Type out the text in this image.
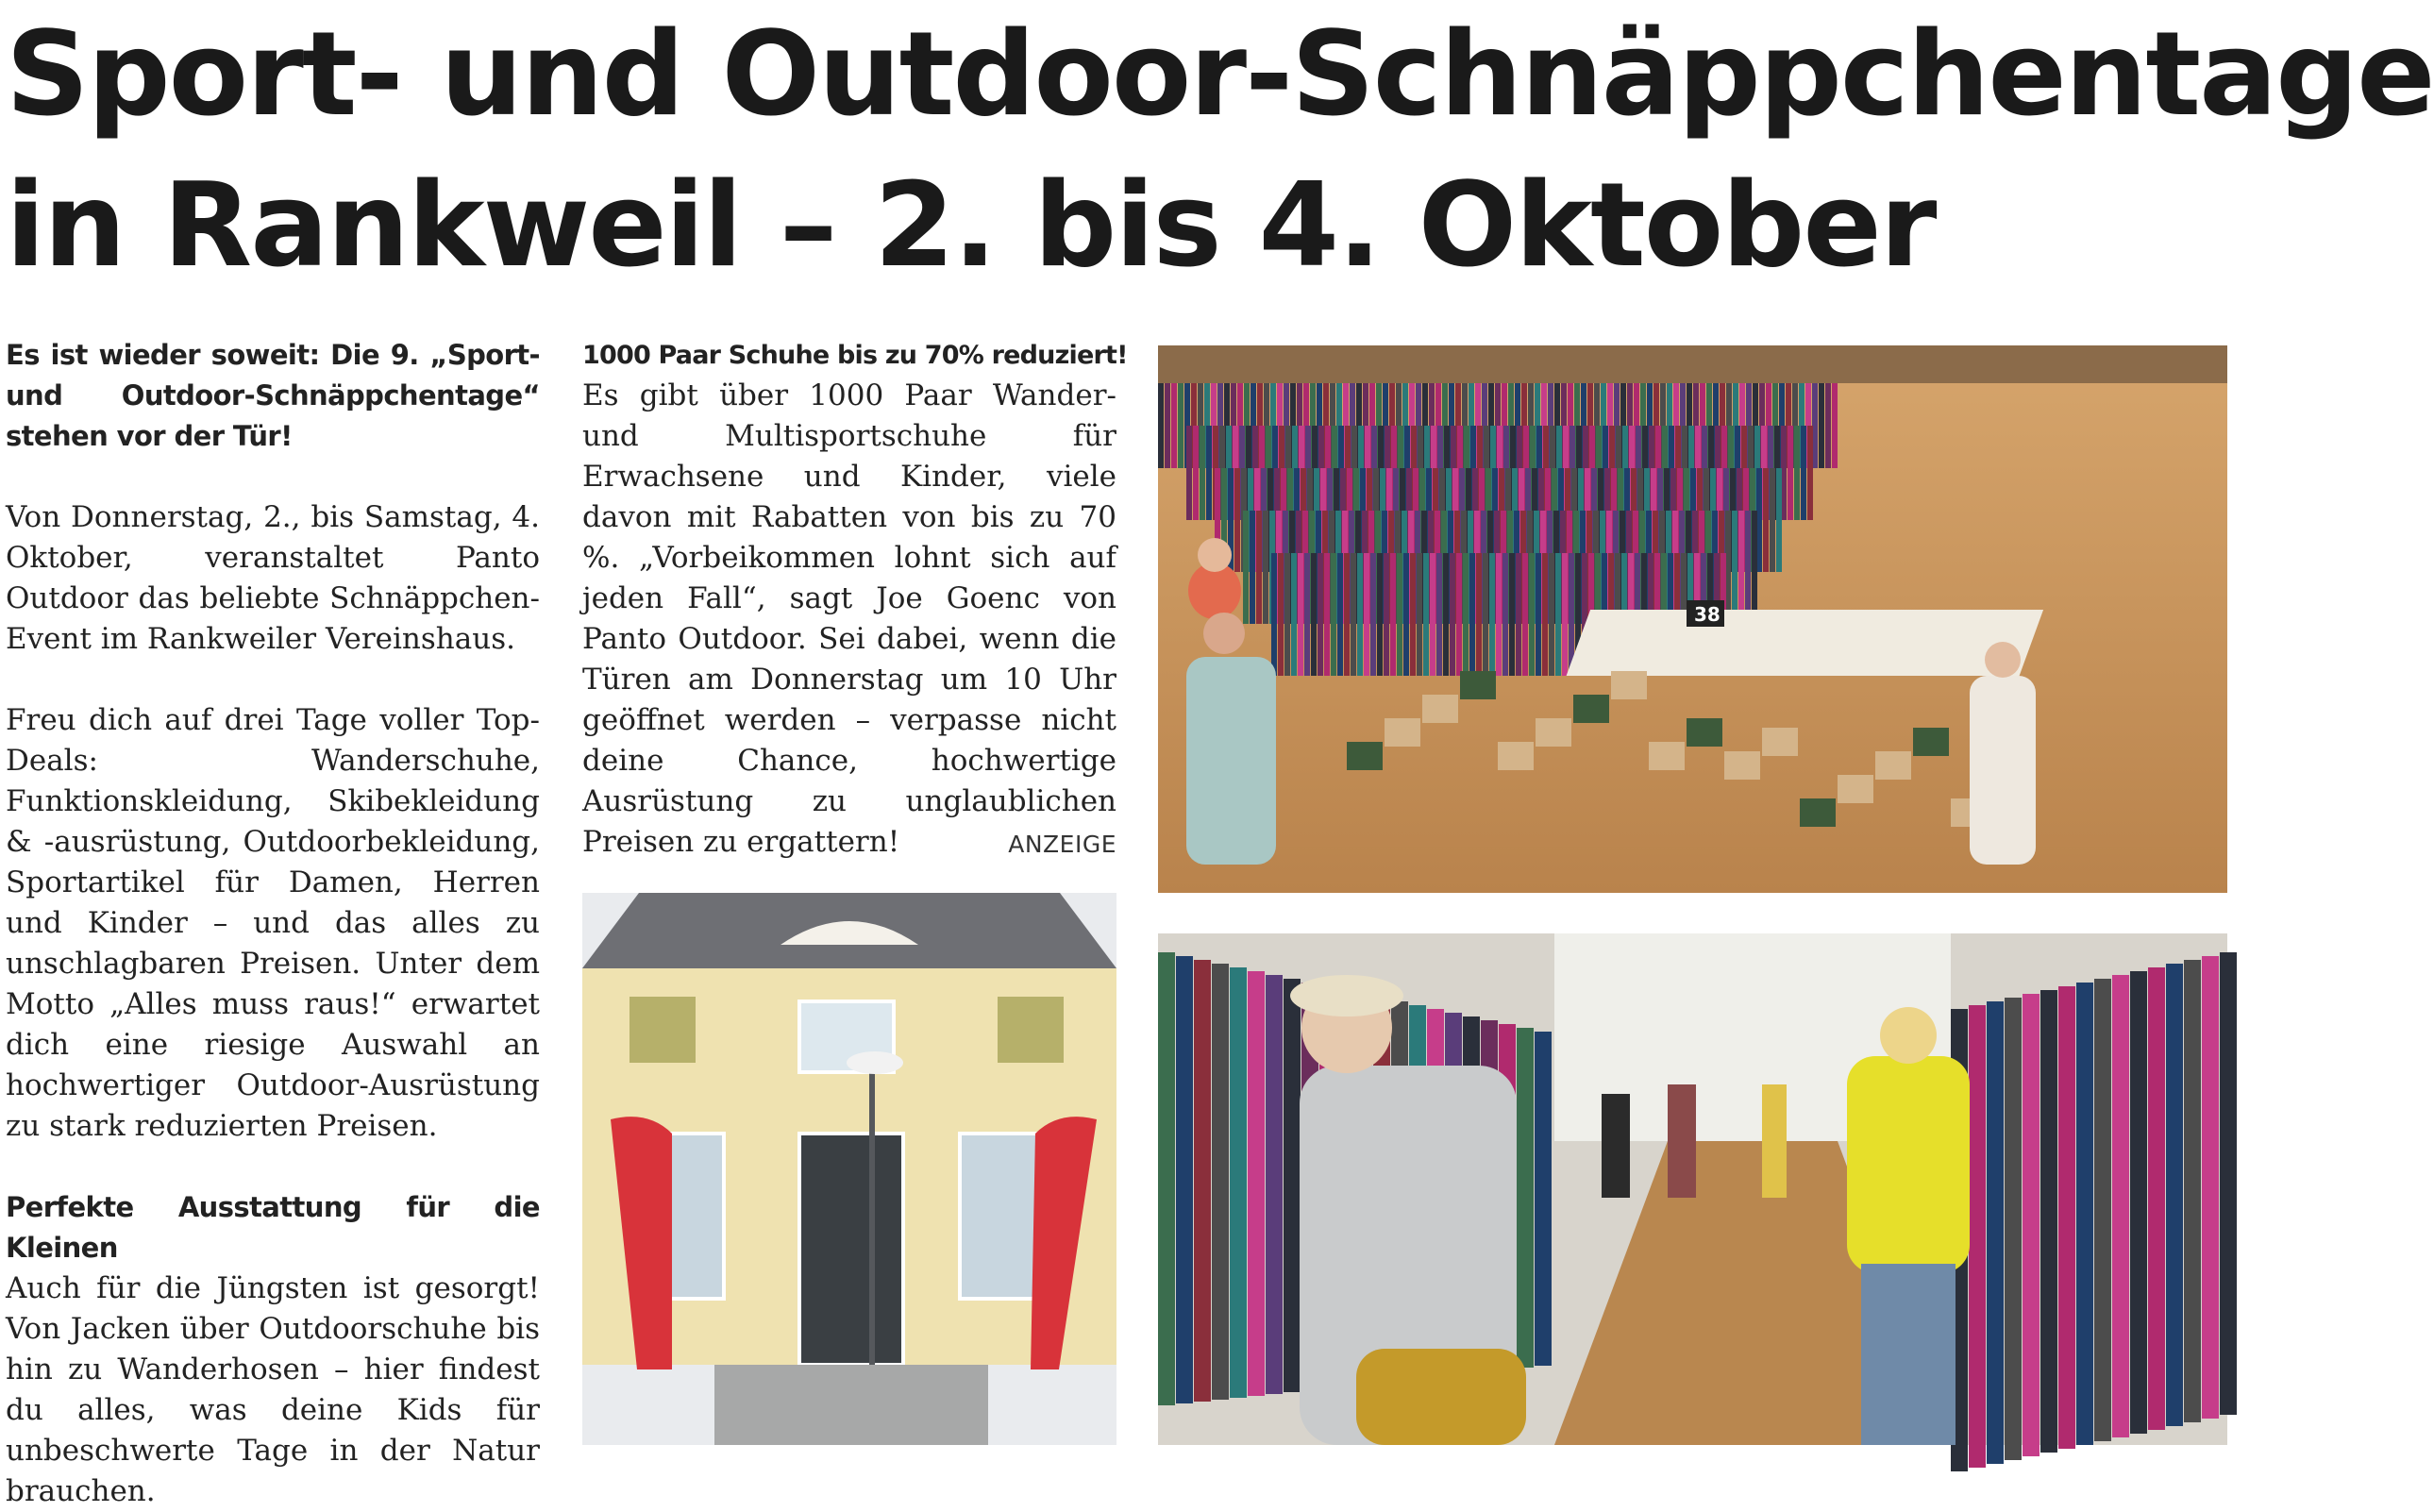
Sport- und Outdoor-Schnäppchentage
in Rankweil – 2. bis 4. Oktober

Es ist wieder soweit: Die 9. „Sport- und Outdoor-Schnäppchentage“ stehen vor der Tür!

Von Donnerstag, 2., bis Samstag, 4. Oktober, veranstaltet Panto Outdoor das beliebte Schnäppchen-Event im Rankweiler Vereinshaus.

Freu dich auf drei Tage voller Top-Deals: Wanderschuhe, Funktionskleidung, Skibekleidung & -ausrüstung, Outdoorbekleidung, Sportartikel für Damen, Herren und Kinder – und das alles zu unschlagbaren Preisen. Unter dem Motto „Alles muss raus!“ erwartet dich eine riesige Auswahl an hochwertiger Outdoor-Ausrüstung zu stark reduzierten Preisen.

Perfekte Ausstattung für die Kleinen
Auch für die Jüngsten ist gesorgt! Von Jacken über Outdoorschuhe bis hin zu Wanderhosen – hier findest du alles, was deine Kids für unbeschwerte Tage in der Natur brauchen.

1000 Paar Schuhe bis zu 70% reduziert!
Es gibt über 1000 Paar Wander- und Multisportschuhe für Erwachsene und Kinder, viele davon mit Rabatten von bis zu 70 %. „Vorbeikommen lohnt sich auf jeden Fall“, sagt Joe Goenc von Panto Outdoor. Sei dabei, wenn die Türen am Donnerstag um 10 Uhr geöffnet werden – verpasse nicht deine Chance, hochwertige Ausrüstung zu unglaublichen Preisen zu ergattern!	ANZEIGE

38
